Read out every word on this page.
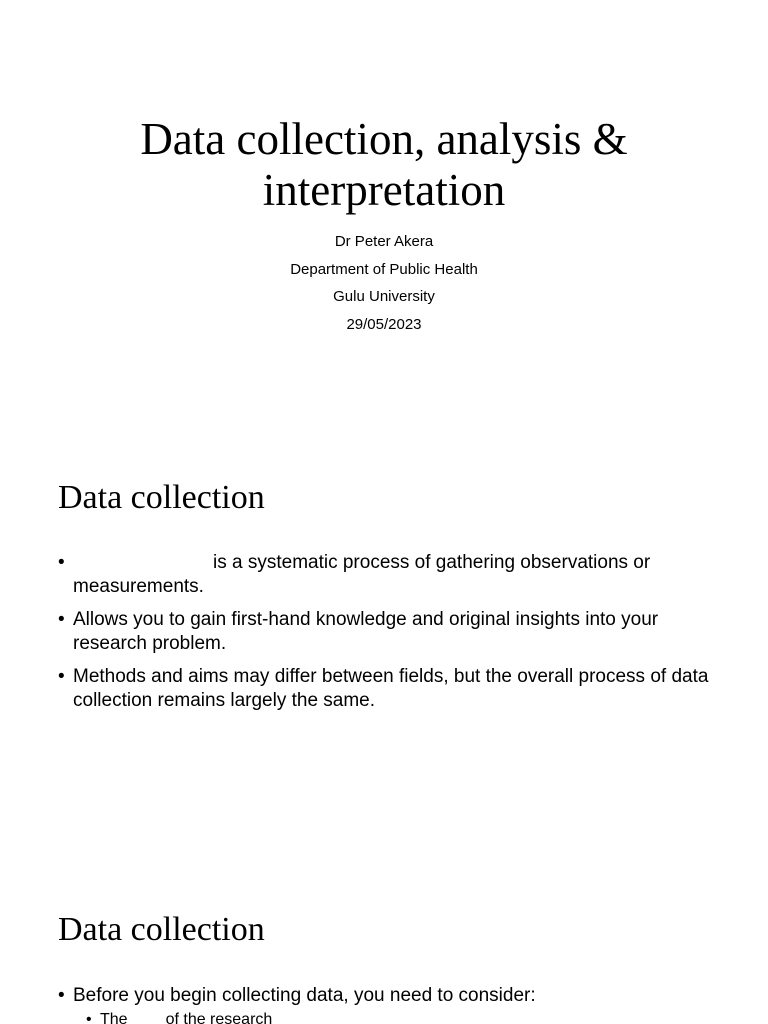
Data collection, analysis &
interpretation
Dr Peter Akera
Department of Public Health
Gulu University
29/05/2023
Data collection
•	is a systematic process of gathering observations or measurements.
• Allows you to gain first-hand knowledge and original insights into your research problem.
• Methods and aims may differ between fields, but the overall process of data collection remains largely the same.
Data collection
• Before you begin collecting data, you need to consider:
• The of the research
